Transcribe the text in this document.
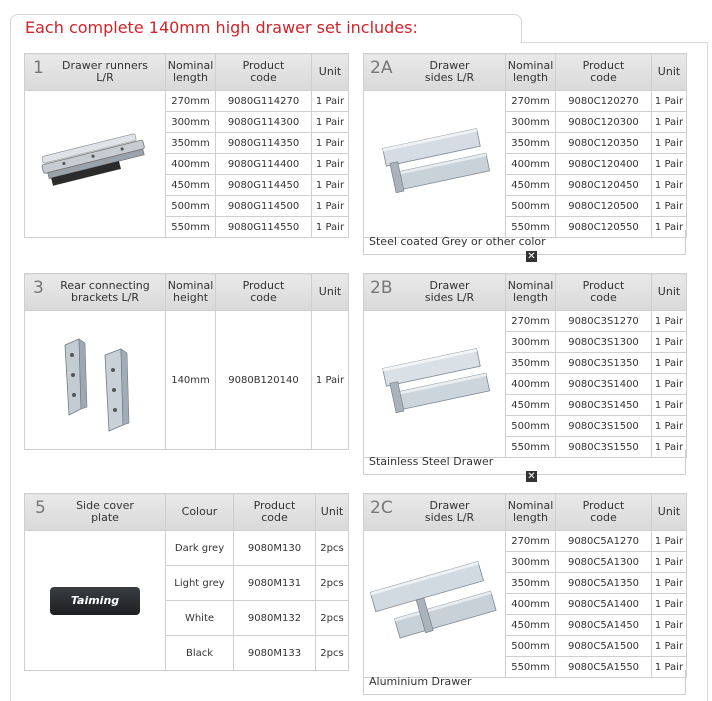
Each complete 140mm high drawer set includes:
1 Drawer runners L/R	Nominal length	Product code	Unit

	270mm	9080G114270	1 Pair
	300mm	9080G114300	1 Pair
	350mm	9080G114350	1 Pair
	400mm	9080G114400	1 Pair
	450mm	9080G114450	1 Pair
	500mm	9080G114500	1 Pair
	550mm	9080G114550	1 Pair
2A Drawer sides L/R	Nominal length	Product code	Unit

	270mm	9080C120270	1 Pair
	300mm	9080C120300	1 Pair
	350mm	9080C120350	1 Pair
	400mm	9080C120400	1 Pair
	450mm	9080C120450	1 Pair
	500mm	9080C120500	1 Pair
	550mm	9080C120550	1 Pair
Steel coated Grey or other color
✕
3 Rear connecting brackets L/R	Nominal height	Product code	Unit

	140mm	9080B120140	1 Pair
2B Drawer sides L/R	Nominal length	Product code	Unit

	270mm	9080C3S1270	1 Pair
	300mm	9080C3S1300	1 Pair
	350mm	9080C3S1350	1 Pair
	400mm	9080C3S1400	1 Pair
	450mm	9080C3S1450	1 Pair
	500mm	9080C3S1500	1 Pair
	550mm	9080C3S1550	1 Pair
Stainless Steel Drawer
✕
5 Side cover plate	Colour	Product code	Unit

Taiming	Dark grey	9080M130	2pcs
	Light grey	9080M131	2pcs
	White	9080M132	2pcs
	Black	9080M133	2pcs
2C Drawer sides L/R	Nominal length	Product code	Unit

	270mm	9080C5A1270	1 Pair
	300mm	9080C5A1300	1 Pair
	350mm	9080C5A1350	1 Pair
	400mm	9080C5A1400	1 Pair
	450mm	9080C5A1450	1 Pair
	500mm	9080C5A1500	1 Pair
	550mm	9080C5A1550	1 Pair
Aluminium Drawer
